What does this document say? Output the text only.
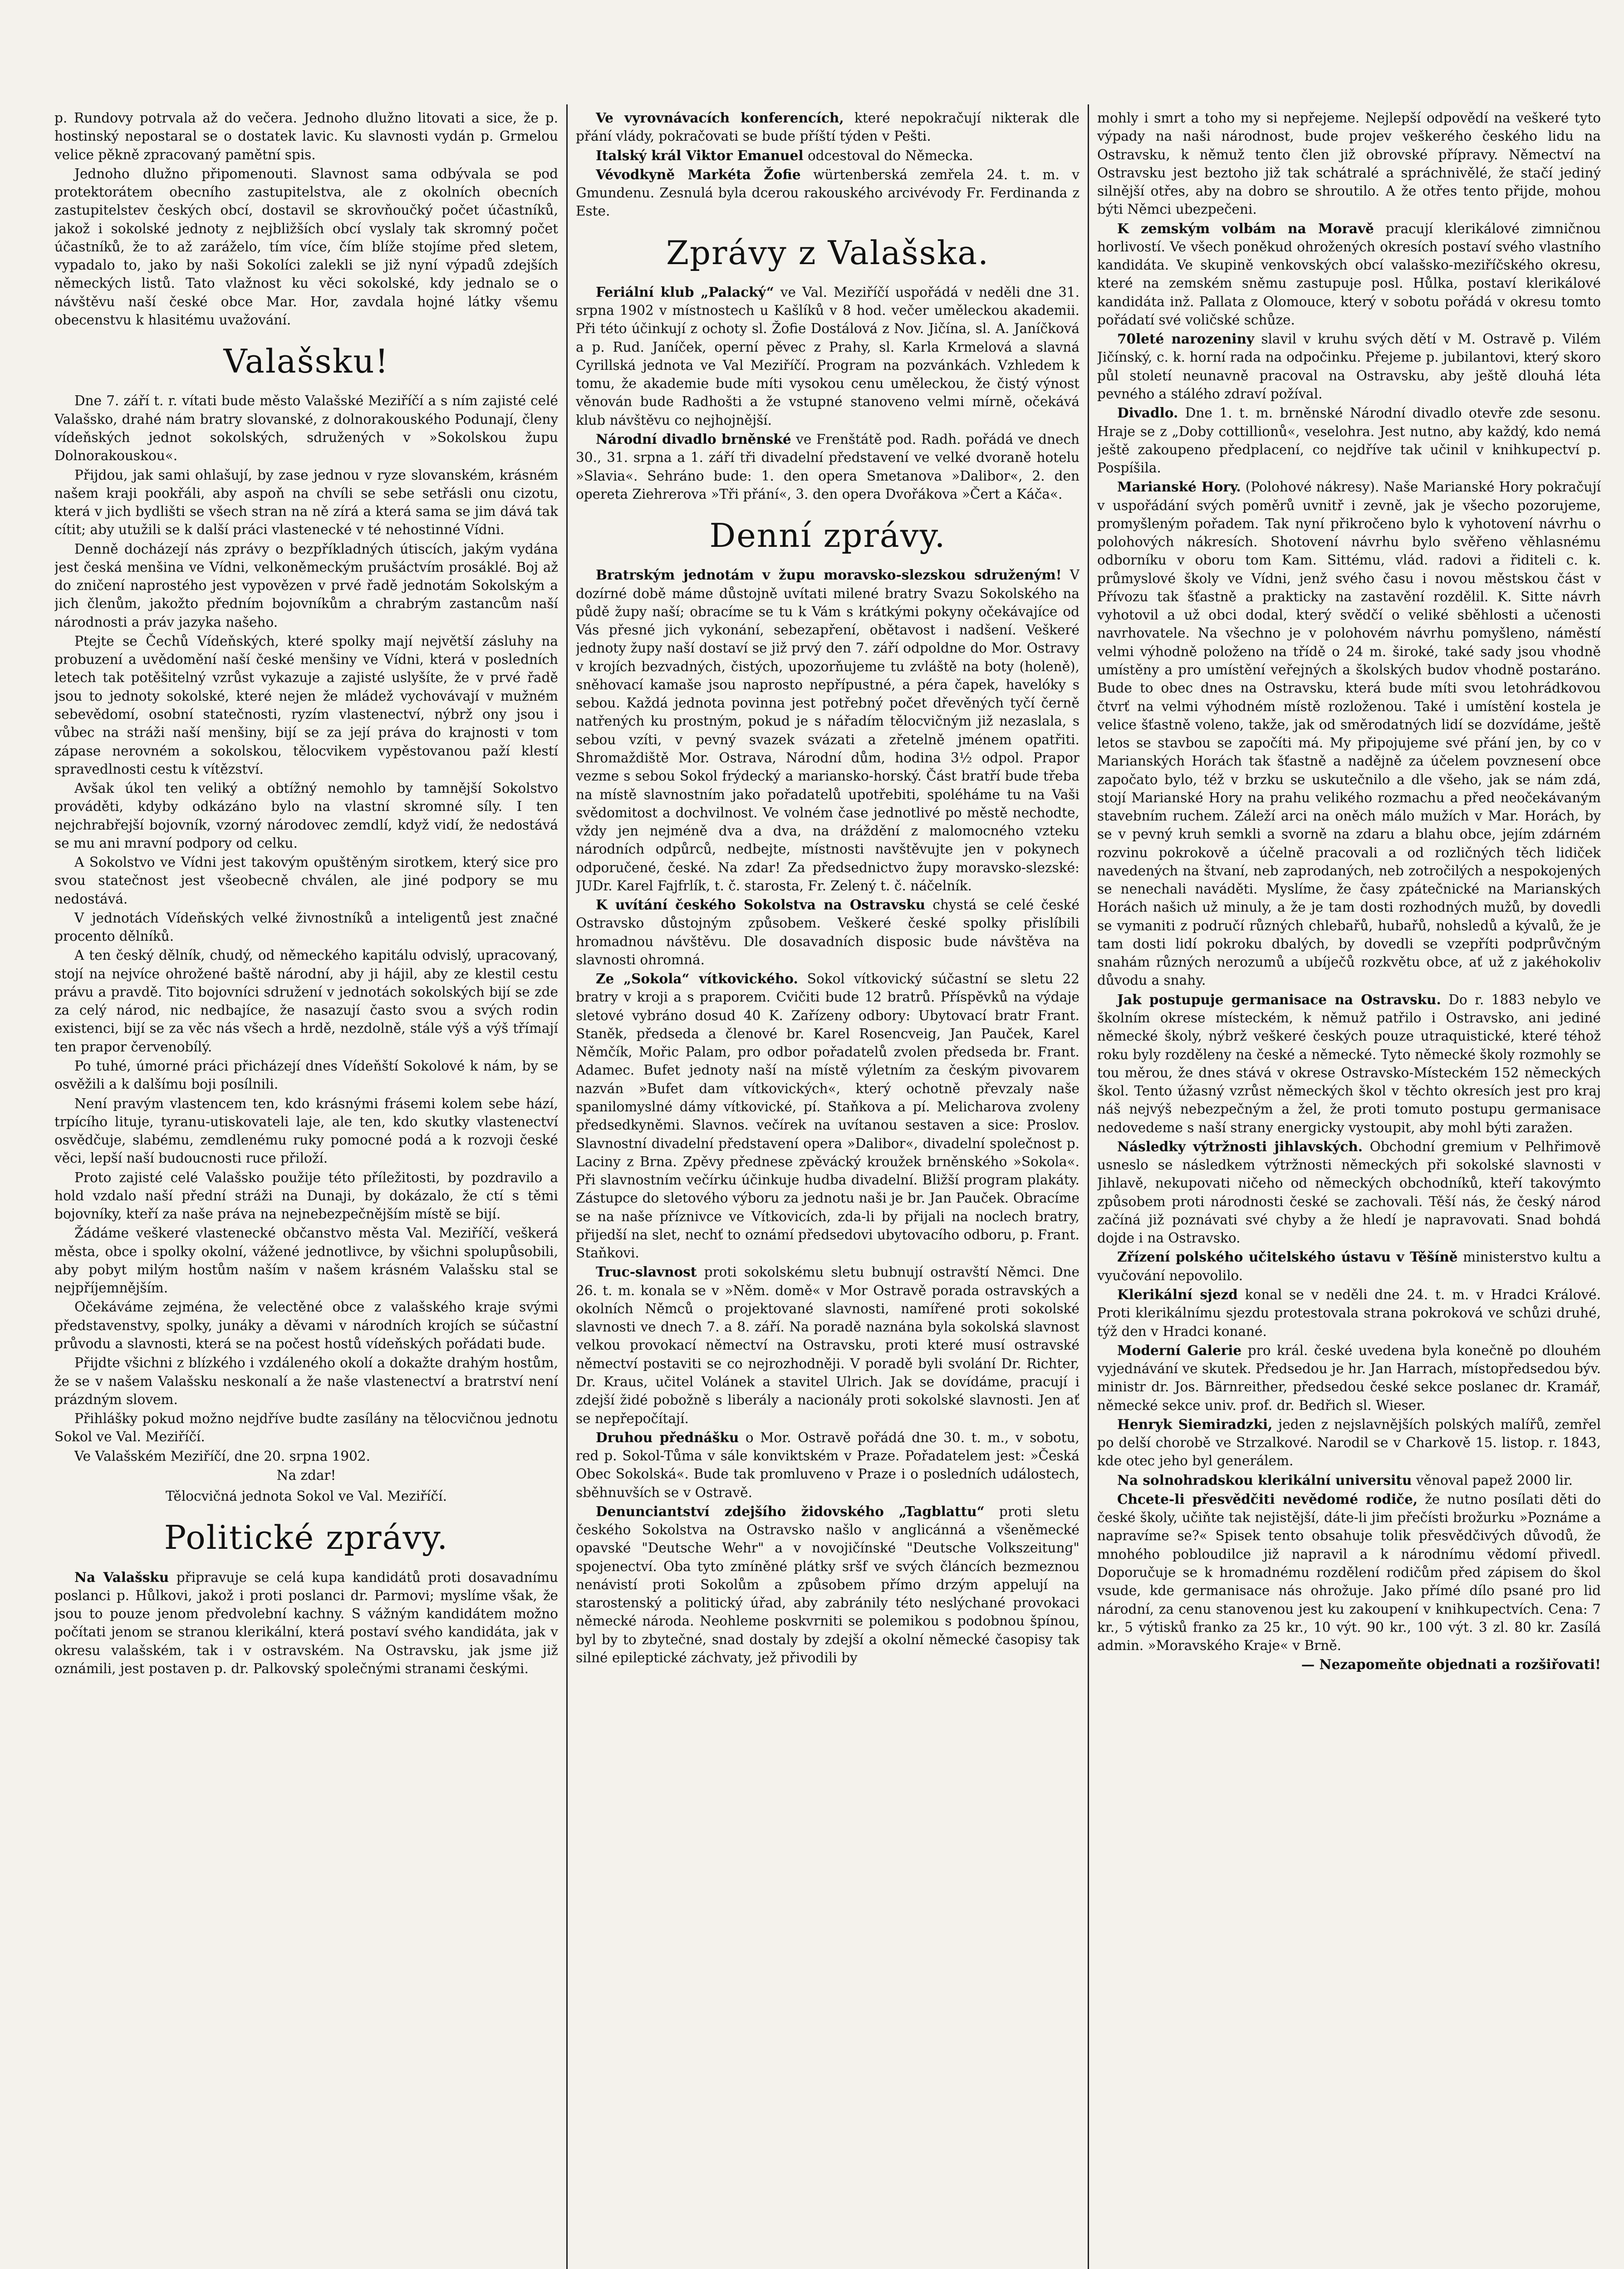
p. Rundovy potrvala až do večera. Jednoho dlužno litovati a sice, že p. hostinský nepostaral se o dostatek lavic. Ku slavnosti vydán p. Grmelou velice pěkně zpracovaný pamětní spis.

Jednoho dlužno připomenouti. Slavnost sama odbývala se pod protektorátem obecního zastupitelstva, ale z okolních obecních zastupitelstev českých obcí, dostavil se skrovňoučký počet účastníků, jakož i sokolské jednoty z nejbližších obcí vyslaly tak skromný počet účastníků, že to až zaráželo, tím více, čím blíže stojíme před sletem, vypadalo to, jako by naši Sokolíci zalekli se již nyní výpadů zdejších německých listů. Tato vlažnost ku věci sokolské, kdy jednalo se o návštěvu naší české obce Mar. Hor, zavdala hojné látky všemu obecenstvu k hlasitému uvažování.

Valašsku!

Dne 7. září t. r. vítati bude město Valašské Meziříčí a s ním zajisté celé Valašsko, drahé nám bratry slovanské, z dolnorakouského Podunají, členy vídeňských jednot sokolských, sdružených v »Sokolskou župu Dolnorakouskou«.

Přijdou, jak sami ohlašují, by zase jednou v ryze slovanském, krásném našem kraji pookřáli, aby aspoň na chvíli se sebe setřásli onu cizotu, která v jich bydlišti se všech stran na ně zírá a která sama se jim dává tak cítit; aby utužili se k další práci vlastenecké v té nehostinné Vídni.

Denně docházejí nás zprávy o bezpříkladných útiscích, jakým vydána jest česká menšina ve Vídni, velkoněmeckým prušáctvím prosáklé. Boj až do zničení naprostého jest vypovězen v prvé řadě jednotám Sokolským a jich členům, jakožto předním bojovníkům a chrabrým zastancům naší národnosti a práv jazyka našeho.

Ptejte se Čechů Vídeňských, které spolky mají největší zásluhy na probuzení a uvědomění naší české menšiny ve Vídni, která v posledních letech tak potěšitelný vzrůst vykazuje a zajisté uslyšíte, že v prvé řadě jsou to jednoty sokolské, které nejen že mládež vychovávají v mužném sebevědomí, osobní statečnosti, ryzím vlastenectví, nýbrž ony jsou i vůbec na stráži naší menšiny, bijí se za její práva do krajnosti v tom zápase nerovném a sokolskou, tělocvikem vypěstovanou paží klestí spravedlnosti cestu k vítězství.

Avšak úkol ten veliký a obtížný nemohlo by tamnější Sokolstvo prováděti, kdyby odkázáno bylo na vlastní skromné síly. I ten nejchrabřejší bojovník, vzorný národovec zemdlí, když vidí, že nedostává se mu ani mravní podpory od celku.

A Sokolstvo ve Vídni jest takovým opuštěným sirotkem, který sice pro svou statečnost jest všeobecně chválen, ale jiné podpory se mu nedostává.

V jednotách Vídeňských velké živnostníků a inteligentů jest značné procento dělníků.

A ten český dělník, chudý, od německého kapitálu odvislý, upracovaný, stojí na nejvíce ohrožené baště národní, aby ji hájil, aby ze klestil cestu právu a pravdě. Tito bojovníci sdružení v jednotách sokolských bijí se zde za celý národ, nic nedbajíce, že nasazují často svou a svých rodin existenci, bijí se za věc nás všech a hrdě, nezdolně, stále výš a výš třímají ten prapor červenobílý.

Po tuhé, úmorné práci přicházejí dnes Vídeňští Sokolové k nám, by se osvěžili a k dalšímu boji posílnili.

Není pravým vlastencem ten, kdo krásnými frásemi kolem sebe hází, trpícího lituje, tyranu-utiskovateli laje, ale ten, kdo skutky vlastenectví osvědčuje, slabému, zemdlenému ruky pomocné podá a k rozvoji české věci, lepší naší budoucnosti ruce přiloží.

Proto zajisté celé Valašsko použije této příležitosti, by pozdravilo a hold vzdalo naší přední stráži na Dunaji, by dokázalo, že ctí s těmi bojovníky, kteří za naše práva na nejnebezpečnějším místě se bijí.

Žádáme veškeré vlastenecké občanstvo města Val. Meziříčí, veškerá města, obce i spolky okolní, vážené jednotlivce, by všichni spolupůsobili, aby pobyt milým hostům naším v našem krásném Valašsku stal se nejpříjemnějším.

Očekáváme zejména, že velectěné obce z valašského kraje svými představenstvy, spolky, junáky a děvami v národních krojích se súčastní průvodu a slavnosti, která se na počest hostů vídeňských pořádati bude.

Přijdte všichni z blízkého i vzdáleného okolí a dokažte drahým hostům, že se v našem Valašsku neskonalí a že naše vlastenectví a bratrství není prázdným slovem.

Přihlášky pokud možno nejdříve budte zasílány na tělocvičnou jednotu Sokol ve Val. Meziříčí.

Ve Valašském Meziříčí, dne 20. srpna 1902.

Na zdar!

Tělocvičná jednota Sokol ve Val. Meziříčí.

Politické zprávy.

Na Valašsku připravuje se celá kupa kandidátů proti dosavadnímu poslanci p. Hůlkovi, jakož i proti poslanci dr. Parmovi; myslíme však, že jsou to pouze jenom předvolební kachny. S vážným kandidátem možno počítati jenom se stranou klerikální, která postaví svého kandidáta, jak v okresu valašském, tak i v ostravském. Na Ostravsku, jak jsme již oznámili, jest postaven p. dr. Palkovský společnými stranami českými.

Ve vyrovnávacích konferencích, které nepokračují nikterak dle přání vlády, pokračovati se bude příští týden v Pešti.

Italský král Viktor Emanuel odcestoval do Německa.

Vévodkyně Markéta Žofie würtenberská zemřela 24. t. m. v Gmundenu. Zesnulá byla dcerou rakouského arcivévody Fr. Ferdinanda z Este.

Zprávy z Valašska.

Feriální klub „Palacký“ ve Val. Meziříčí uspořádá v neděli dne 31. srpna 1902 v místnostech u Kašlíků v 8 hod. večer uměleckou akademii. Při této účinkují z ochoty sl. Žofie Dostálová z Nov. Jičína, sl. A. Janíčková a p. Rud. Janíček, operní pěvec z Prahy, sl. Karla Krmelová a slavná Cyrillská jednota ve Val Meziříčí. Program na pozvánkách. Vzhledem k tomu, že akademie bude míti vysokou cenu uměleckou, že čistý výnost věnován bude Radhošti a že vstupné stanoveno velmi mírně, očekává klub návštěvu co nejhojnější.

Národní divadlo brněnské ve Frenštátě pod. Radh. pořádá ve dnech 30., 31. srpna a 1. září tři divadelní představení ve velké dvoraně hotelu »Slavia«. Sehráno bude: 1. den opera Smetanova »Dalibor«, 2. den opereta Ziehrerova »Tři přání«, 3. den opera Dvořákova »Čert a Káča«.

Denní zprávy.

Bratrským jednotám v župu moravsko-slezskou sdruženým! V dozírné době máme důstojně uvítati milené bratry Svazu Sokolského na půdě župy naší; obracíme se tu k Vám s krátkými pokyny očekávajíce od Vás přesné jich vykonání, sebezapření, obětavost i nadšení. Veškeré jednoty župy naší dostaví se již prvý den 7. září odpoldne do Mor. Ostravy v krojích bezvadných, čistých, upozorňujeme tu zvláště na boty (holeně), sněhovací kamaše jsou naprosto nepřípustné, a péra čapek, havelóky s sebou. Každá jednota povinna jest potřebný počet dřevěných tyčí černě natřených ku prostným, pokud je s nářadím tělocvičným již nezaslala, s sebou vzíti, v pevný svazek svázati a zřetelně jménem opatřiti. Shromaždiště Mor. Ostrava, Národní dům, hodina 3½ odpol. Prapor vezme s sebou Sokol frýdecký a mariansko-horský. Část bratří bude třeba na místě slavnostním jako pořadatelů upotřebiti, spoléháme tu na Vaši svědomitost a dochvilnost. Ve volném čase jednotlivé po městě nechodte, vždy jen nejméně dva a dva, na dráždění z malomocného vzteku národních odpůrců, nedbejte, místnosti navštěvujte jen v pokynech odporučené, české. Na zdar! Za předsednictvo župy moravsko-slezské: JUDr. Karel Fajfrlík, t. č. starosta, Fr. Zelený t. č. náčelník.

K uvítání českého Sokolstva na Ostravsku chystá se celé české Ostravsko důstojným způsobem. Veškeré české spolky přislíbili hromadnou návštěvu. Dle dosavadních disposic bude návštěva na slavnosti ohromná.

Ze „Sokola“ vítkovického. Sokol vítkovický súčastní se sletu 22 bratry v kroji a s praporem. Cvičiti bude 12 bratrů. Příspěvků na výdaje sletové vybráno dosud 40 K. Zařízeny odbory: Ubytovací bratr Frant. Staněk, předseda a členové br. Karel Rosencveig, Jan Pauček, Karel Němčík, Mořic Palam, pro odbor pořadatelů zvolen předseda br. Frant. Adamec. Bufet jednoty naší na místě výletním za českým pivovarem nazván »Bufet dam vítkovických«, který ochotně převzaly naše spanilomyslné dámy vítkovické, pí. Staňkova a pí. Melicharova zvoleny předsedkyněmi. Slavnos. večírek na uvítanou sestaven a sice: Proslov. Slavnostní divadelní představení opera »Dalibor«, divadelní společnost p. Laciny z Brna. Zpěvy přednese zpěvácký kroužek brněnského »Sokola«. Při slavnostním večírku účinkuje hudba divadelní. Bližší program plakáty. Zástupce do sletového výboru za jednotu naši je br. Jan Pauček. Obracíme se na naše příznivce ve Vítkovicích, zda-li by přijali na noclech bratry, přijedší na slet, nechť to oznámí předsedovi ubytovacího odboru, p. Frant. Staňkovi.

Truc-slavnost proti sokolskému sletu bubnují ostravští Němci. Dne 26. t. m. konala se v »Něm. domě« v Mor Ostravě porada ostravských a okolních Němců o projektované slavnosti, namířené proti sokolské slavnosti ve dnech 7. a 8. září. Na poradě naznána byla sokolská slavnost velkou provokací němectví na Ostravsku, proti které musí ostravské němectví postaviti se co nejrozhodněji. V poradě byli svolání Dr. Richter, Dr. Kraus, učitel Volánek a stavitel Ulrich. Jak se dovídáme, pracují i zdejší židé pobožně s liberály a nacionály proti sokolské slavnosti. Jen ať se nepřepočítají.

Druhou přednášku o Mor. Ostravě pořádá dne 30. t. m., v sobotu, red p. Sokol-Tůma v sále konviktském v Praze. Pořadatelem jest: »Česká Obec Sokolská«. Bude tak promluveno v Praze i o posledních událostech, sběhnuvších se v Ostravě.

Denunciantství zdejšího židovského „Tagblattu“ proti sletu českého Sokolstva na Ostravsko našlo v anglicánná a všeněmecké opavské "Deutsche Wehr" a v novojičínské "Deutsche Volkszeitung" spojenectví. Oba tyto zmíněné plátky sršf ve svých článcích bezmeznou nenávistí proti Sokolům a způsobem přímo drzým appelují na starostenský a politický úřad, aby zabránily této neslýchané provokaci německé národa. Neohleme poskvrniti se polemikou s podobnou špínou, byl by to zbytečné, snad dostaly by zdejší a okolní německé časopisy tak silné epileptické záchvaty, jež přivodili by

mohly i smrt a toho my si nepřejeme. Nejlepší odpovědí na veškeré tyto výpady na naši národnost, bude projev veškerého českého lidu na Ostravsku, k němuž tento člen již obrovské přípravy. Němectví na Ostravsku jest beztoho již tak schátralé a spráchnivělé, že stačí jediný silnější otřes, aby na dobro se shroutilo. A že otřes tento přijde, mohou býti Němci ubezpečeni.

K zemským volbám na Moravě pracují klerikálové zimničnou horlivostí. Ve všech poněkud ohrožených okresích postaví svého vlastního kandidáta. Ve skupině venkovských obcí valašsko-meziříčského okresu, které na zemském sněmu zastupuje posl. Hůlka, postaví klerikálové kandidáta inž. Pallata z Olomouce, který v sobotu pořádá v okresu tomto pořádatí své voličské schůze.

70leté narozeniny slavil v kruhu svých dětí v M. Ostravě p. Vilém Jičínský, c. k. horní rada na odpočinku. Přejeme p. jubilantovi, který skoro půl století neunavně pracoval na Ostravsku, aby ještě dlouhá léta pevného a stálého zdraví požíval.

Divadlo. Dne 1. t. m. brněnské Národní divadlo otevře zde sesonu. Hraje se z „Doby cottillionů«, veselohra. Jest nutno, aby každý, kdo nemá ještě zakoupeno předplacení, co nejdříve tak učinil v knihkupectví p. Pospíšila.

Marianské Hory. (Polohové nákresy). Naše Marianské Hory pokračují v uspořádání svých poměrů uvnitř i zevně, jak je všecho pozorujeme, promyšleným pořadem. Tak nyní přikročeno bylo k vyhotovení návrhu o polohových nákresích. Shotovení návrhu bylo svěřeno věhlasnému odborníku v oboru tom Kam. Sittému, vlád. radovi a řiditeli c. k. průmyslové školy ve Vídni, jenž svého času i novou městskou část v Přívozu tak šťastně a prakticky na zastavění rozdělil. K. Sitte návrh vyhotovil a už obci dodal, který svědčí o veliké sběhlosti a učenosti navrhovatele. Na všechno je v polohovém návrhu pomyšleno, náměstí velmi výhodně položeno na třídě o 24 m. široké, také sady jsou vhodně umístěny a pro umístění veřejných a školských budov vhodně postaráno. Bude to obec dnes na Ostravsku, která bude míti svou letohrádkovou čtvrť na velmi výhodném místě rozloženou. Také i umístění kostela je velice šťastně voleno, takže, jak od směrodatných lidí se dozvídáme, ještě letos se stavbou se započíti má. My připojujeme své přání jen, by co v Marianských Horách tak šťastně a nadějně za účelem povznesení obce započato bylo, též v brzku se uskutečnilo a dle všeho, jak se nám zdá, stojí Marianské Hory na prahu velikého rozmachu a před neočekávaným stavebním ruchem. Záleží arci na oněch málo mužích v Mar. Horách, by se v pevný kruh semkli a svorně na zdaru a blahu obce, jejím zdárném rozvinu pokrokově a účelně pracovali a od rozličných těch lidiček navedených na štvaní, neb zaprodaných, neb zotročilých a nespokojených se nenechali naváděti. Myslíme, že časy zpátečnické na Marianských Horách našich už minuly, a že je tam dosti rozhodných mužů, by dovedli se vymaniti z područí různých chlebařů, hubařů, nohsledů a kývalů, že je tam dosti lidí pokroku dbalých, by dovedli se vzepříti podprůvčným snahám různých nerozumů a ubíječů rozkvětu obce, ať už z jakéhokoliv důvodu a snahy.

Jak postupuje germanisace na Ostravsku. Do r. 1883 nebylo ve školním okrese místeckém, k němuž patřilo i Ostravsko, ani jediné německé školy, nýbrž veškeré českých pouze utraquistické, které téhož roku byly rozděleny na české a německé. Tyto německé školy rozmohly se tou měrou, že dnes stává v okrese Ostravsko-Místeckém 152 německých škol. Tento úžasný vzrůst německých škol v těchto okresích jest pro kraj náš nejvýš nebezpečným a žel, že proti tomuto postupu germanisace nedovedeme s naší strany energicky vystoupit, aby mohl býti zaražen.

Následky výtržnosti jihlavských. Obchodní gremium v Pelhřimově usneslo se následkem výtržnosti německých při sokolské slavnosti v Jihlavě, nekupovati ničeho od německých obchodníků, kteří takovýmto způsobem proti národnosti české se zachovali. Těší nás, že český národ začíná již poznávati své chyby a že hledí je napravovati. Snad bohdá dojde i na Ostravsko.

Zřízení polského učitelského ústavu v Těšíně ministerstvo kultu a vyučování nepovolilo.

Klerikální sjezd konal se v neděli dne 24. t. m. v Hradci Králové. Proti klerikálnímu sjezdu protestovala strana pokroková ve schůzi druhé, týž den v Hradci konané.

Moderní Galerie pro král. české uvedena byla konečně po dlouhém vyjednávání ve skutek. Předsedou je hr. Jan Harrach, místopředsedou býv. ministr dr. Jos. Bärnreither, předsedou české sekce poslanec dr. Kramář, německé sekce univ. prof. dr. Bedřich sl. Wieser.

Henryk Siemiradzki, jeden z nejslavnějších polských malířů, zemřel po delší chorobě ve Strzalkové. Narodil se v Charkově 15. listop. r. 1843, kde otec jeho byl generálem.

Na solnohradskou klerikální universitu věnoval papež 2000 lir.

Chcete-li přesvědčiti nevědomé rodiče, že nutno posílati děti do české školy, učiňte tak nejistější, dáte-li jim přečísti brožurku »Poznáme a napravíme se?« Spisek tento obsahuje tolik přesvědčivých důvodů, že mnohého pobloudilce již napravil a k národnímu vědomí přivedl. Doporučuje se k hromadnému rozdělení rodičům před zápisem do škol vsude, kde germanisace nás ohrožuje. Jako přímé dílo psané pro lid národní, za cenu stanovenou jest ku zakoupení v knihkupectvích. Cena: 7 kr., 5 výtisků franko za 25 kr., 10 výt. 90 kr., 100 výt. 3 zl. 80 kr. Zasílá admin. »Moravského Kraje« v Brně.

— Nezapomeňte objednati a rozšiřovati!
